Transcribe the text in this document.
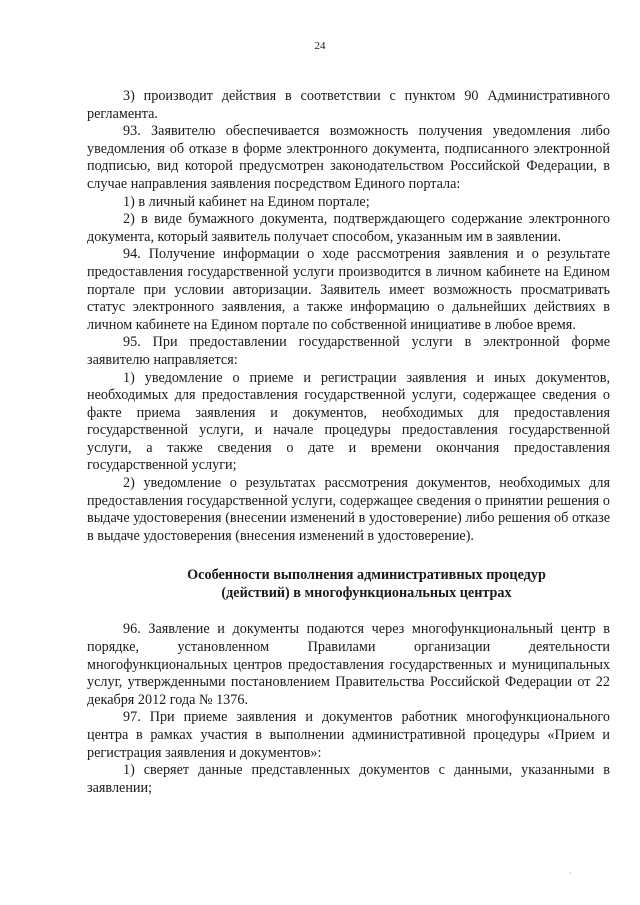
24

3) производит действия в соответствии с пунктом 90 Административного регламента.

93. Заявителю обеспечивается возможность получения уведомления либо уведомления об отказе в форме электронного документа, подписанного электронной подписью, вид которой предусмотрен законодательством Российской Федерации, в случае направления заявления посредством Единого портала:

1) в личный кабинет на Едином портале;

2) в виде бумажного документа, подтверждающего содержание электронного документа, который заявитель получает способом, указанным им в заявлении.

94. Получение информации о ходе рассмотрения заявления и о результате предоставления государственной услуги производится в личном кабинете на Едином портале при условии авторизации. Заявитель имеет возможность просматривать статус электронного заявления, а также информацию о дальнейших действиях в личном кабинете на Едином портале по собственной инициативе в любое время.

95. При предоставлении государственной услуги в электронной форме заявителю направляется:

1) уведомление о приеме и регистрации заявления и иных документов, необходимых для предоставления государственной услуги, содержащее сведения о факте приема заявления и документов, необходимых для предоставления государственной услуги, и начале процедуры предоставления государственной услуги, а также сведения о дате и времени окончания предоставления государственной услуги;

2) уведомление о результатах рассмотрения документов, необходимых для предоставления государственной услуги, содержащее сведения о принятии решения о выдаче удостоверения (внесении изменений в удостоверение) либо решения об отказе в выдаче удостоверения (внесения изменений в удостоверение).

Особенности выполнения административных процедур
(действий) в многофункциональных центрах

96. Заявление и документы подаются через многофункциональный центр в порядке, установленном Правилами организации деятельности многофункциональных центров предоставления государственных и муниципальных услуг, утвержденными постановлением Правительства Российской Федерации от 22 декабря 2012 года № 1376.

97. При приеме заявления и документов работник многофункционального центра в рамках участия в выполнении административной процедуры «Прием и регистрация заявления и документов»:

1) сверяет данные представленных документов с данными, указанными в заявлении;

·
